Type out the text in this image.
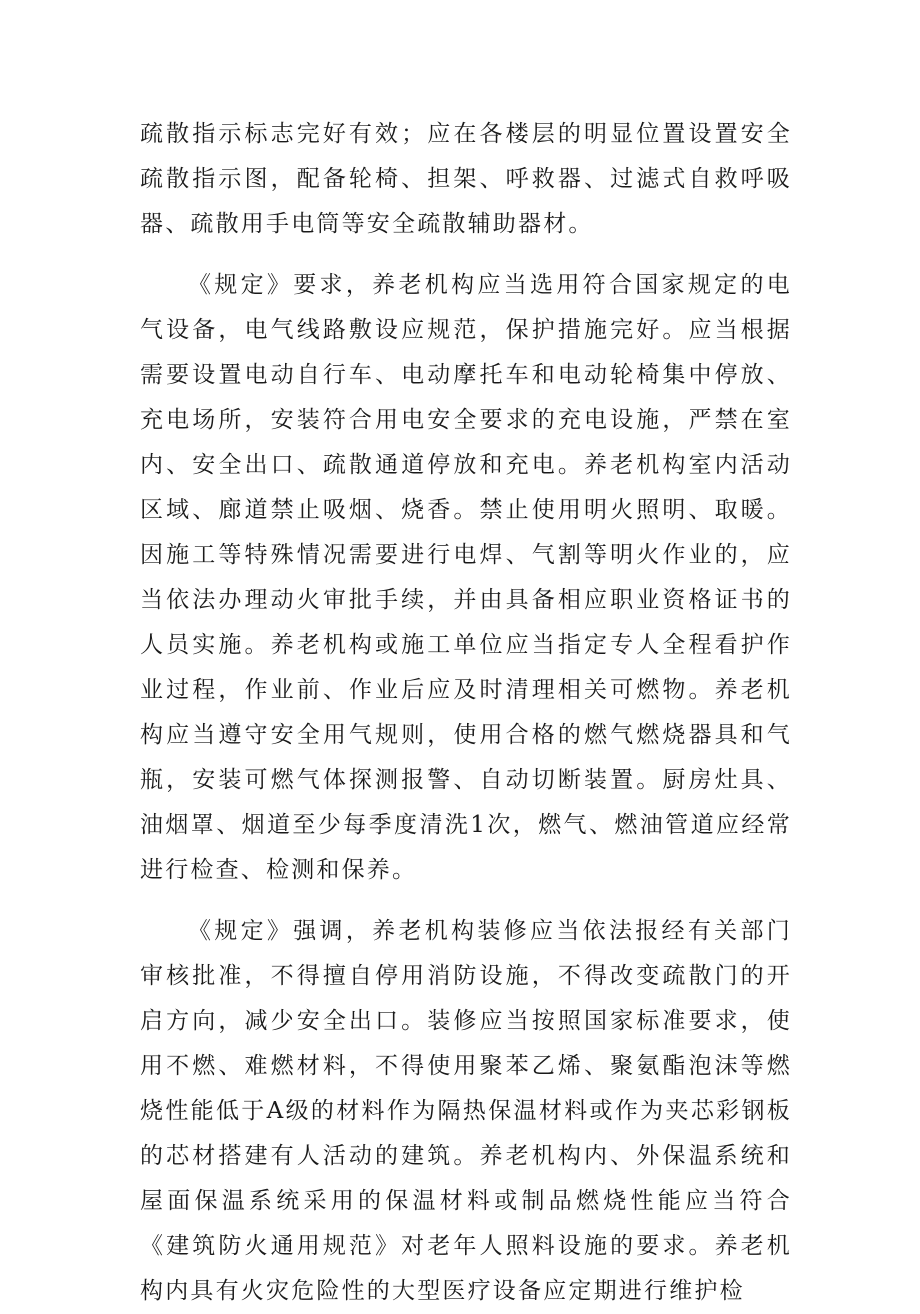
疏散指示标志完好有效；应在各楼层的明显位置设置安全疏散指示图，配备轮椅、担架、呼救器、过滤式自救呼吸器、疏散用手电筒等安全疏散辅助器材。

《规定》要求，养老机构应当选用符合国家规定的电气设备，电气线路敷设应规范，保护措施完好。应当根据需要设置电动自行车、电动摩托车和电动轮椅集中停放、充电场所，安装符合用电安全要求的充电设施，严禁在室内、安全出口、疏散通道停放和充电。养老机构室内活动区域、廊道禁止吸烟、烧香。禁止使用明火照明、取暖。因施工等特殊情况需要进行电焊、气割等明火作业的，应当依法办理动火审批手续，并由具备相应职业资格证书的人员实施。养老机构或施工单位应当指定专人全程看护作业过程，作业前、作业后应及时清理相关可燃物。养老机构应当遵守安全用气规则，使用合格的燃气燃烧器具和气瓶，安装可燃气体探测报警、自动切断装置。厨房灶具、油烟罩、烟道至少每季度清洗1次，燃气、燃油管道应经常进行检查、检测和保养。

《规定》强调，养老机构装修应当依法报经有关部门审核批准，不得擅自停用消防设施，不得改变疏散门的开启方向，减少安全出口。装修应当按照国家标准要求，使用不燃、难燃材料，不得使用聚苯乙烯、聚氨酯泡沫等燃烧性能低于A级的材料作为隔热保温材料或作为夹芯彩钢板的芯材搭建有人活动的建筑。养老机构内、外保温系统和屋面保温系统采用的保温材料或制品燃烧性能应当符合《建筑防火通用规范》对老年人照料设施的要求。养老机构内具有火灾危险性的大型医疗设备应定期进行维护检
